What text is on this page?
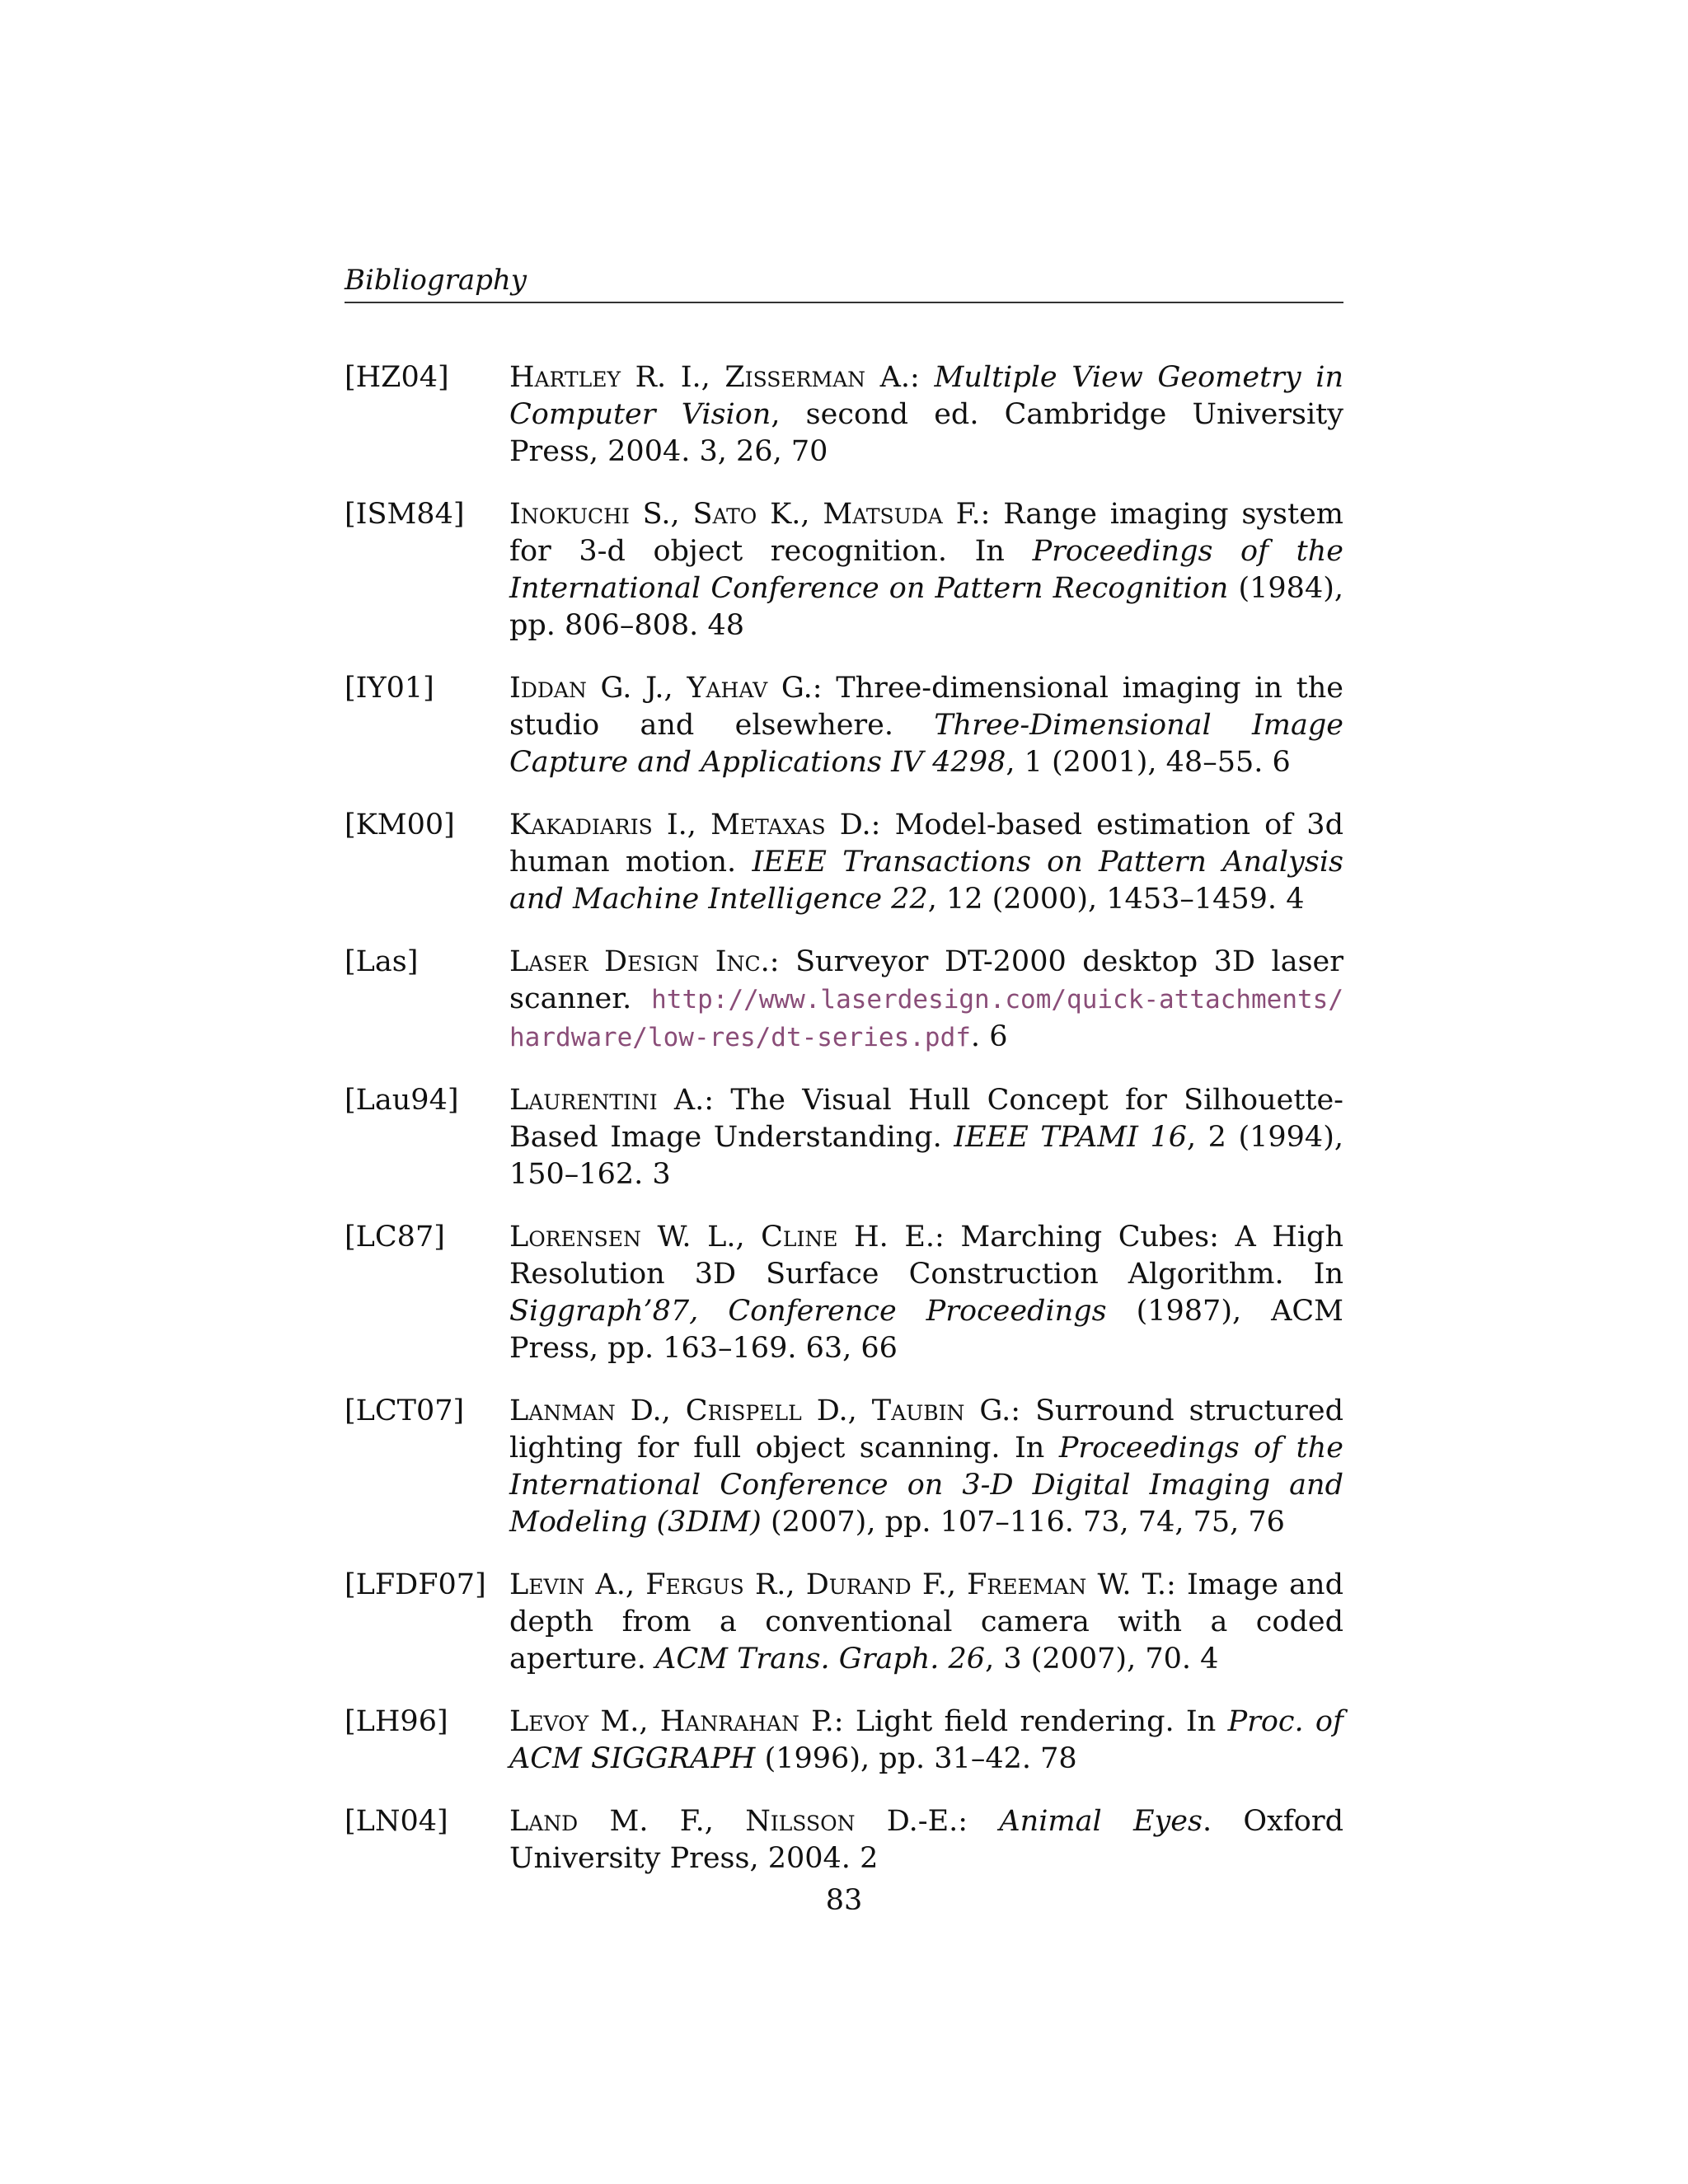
Bibliography
[HZ04]	Hartley R. I., Zisserman A.: Multiple View Geometry in Computer Vision, second ed. Cambridge University Press, 2004. 3, 26, 70
[ISM84]	Inokuchi S., Sato K., Matsuda F.: Range imaging system for 3-d object recognition. In Proceedings of the International Conference on Pattern Recognition (1984), pp. 806–808. 48
[IY01]	Iddan G. J., Yahav G.: Three-dimensional imaging in the studio and elsewhere. Three-Dimensional Image Capture and Applications IV 4298, 1 (2001), 48–55. 6
[KM00]	Kakadiaris I., Metaxas D.: Model-based estimation of 3d human motion. IEEE Transactions on Pattern Analysis and Machine Intelligence 22, 12 (2000), 1453–1459. 4
[Las]	Laser Design Inc.: Surveyor DT-2000 desktop 3D laser scanner. http://www.laserdesign.com/quick-attachments/hardware/low-res/dt-series.pdf. 6
[Lau94]	Laurentini A.: The Visual Hull Concept for Silhouette-Based Image Understanding. IEEE TPAMI 16, 2 (1994), 150–162. 3
[LC87]	Lorensen W. L., Cline H. E.: Marching Cubes: A High Resolution 3D Surface Construction Algorithm. In Siggraph’87, Conference Proceedings (1987), ACM Press, pp. 163–169. 63, 66
[LCT07]	Lanman D., Crispell D., Taubin G.: Surround structured lighting for full object scanning. In Proceedings of the International Conference on 3-D Digital Imaging and Modeling (3DIM) (2007), pp. 107–116. 73, 74, 75, 76
[LFDF07] Levin A., Fergus R., Durand F., Freeman W. T.: Image and depth from a conventional camera with a coded aperture. ACM Trans. Graph. 26, 3 (2007), 70. 4
[LH96]	Levoy M., Hanrahan P.: Light field rendering. In Proc. of ACM SIGGRAPH (1996), pp. 31–42. 78
[LN04]	Land M. F., Nilsson D.-E.: Animal Eyes. Oxford University Press, 2004. 2
83
